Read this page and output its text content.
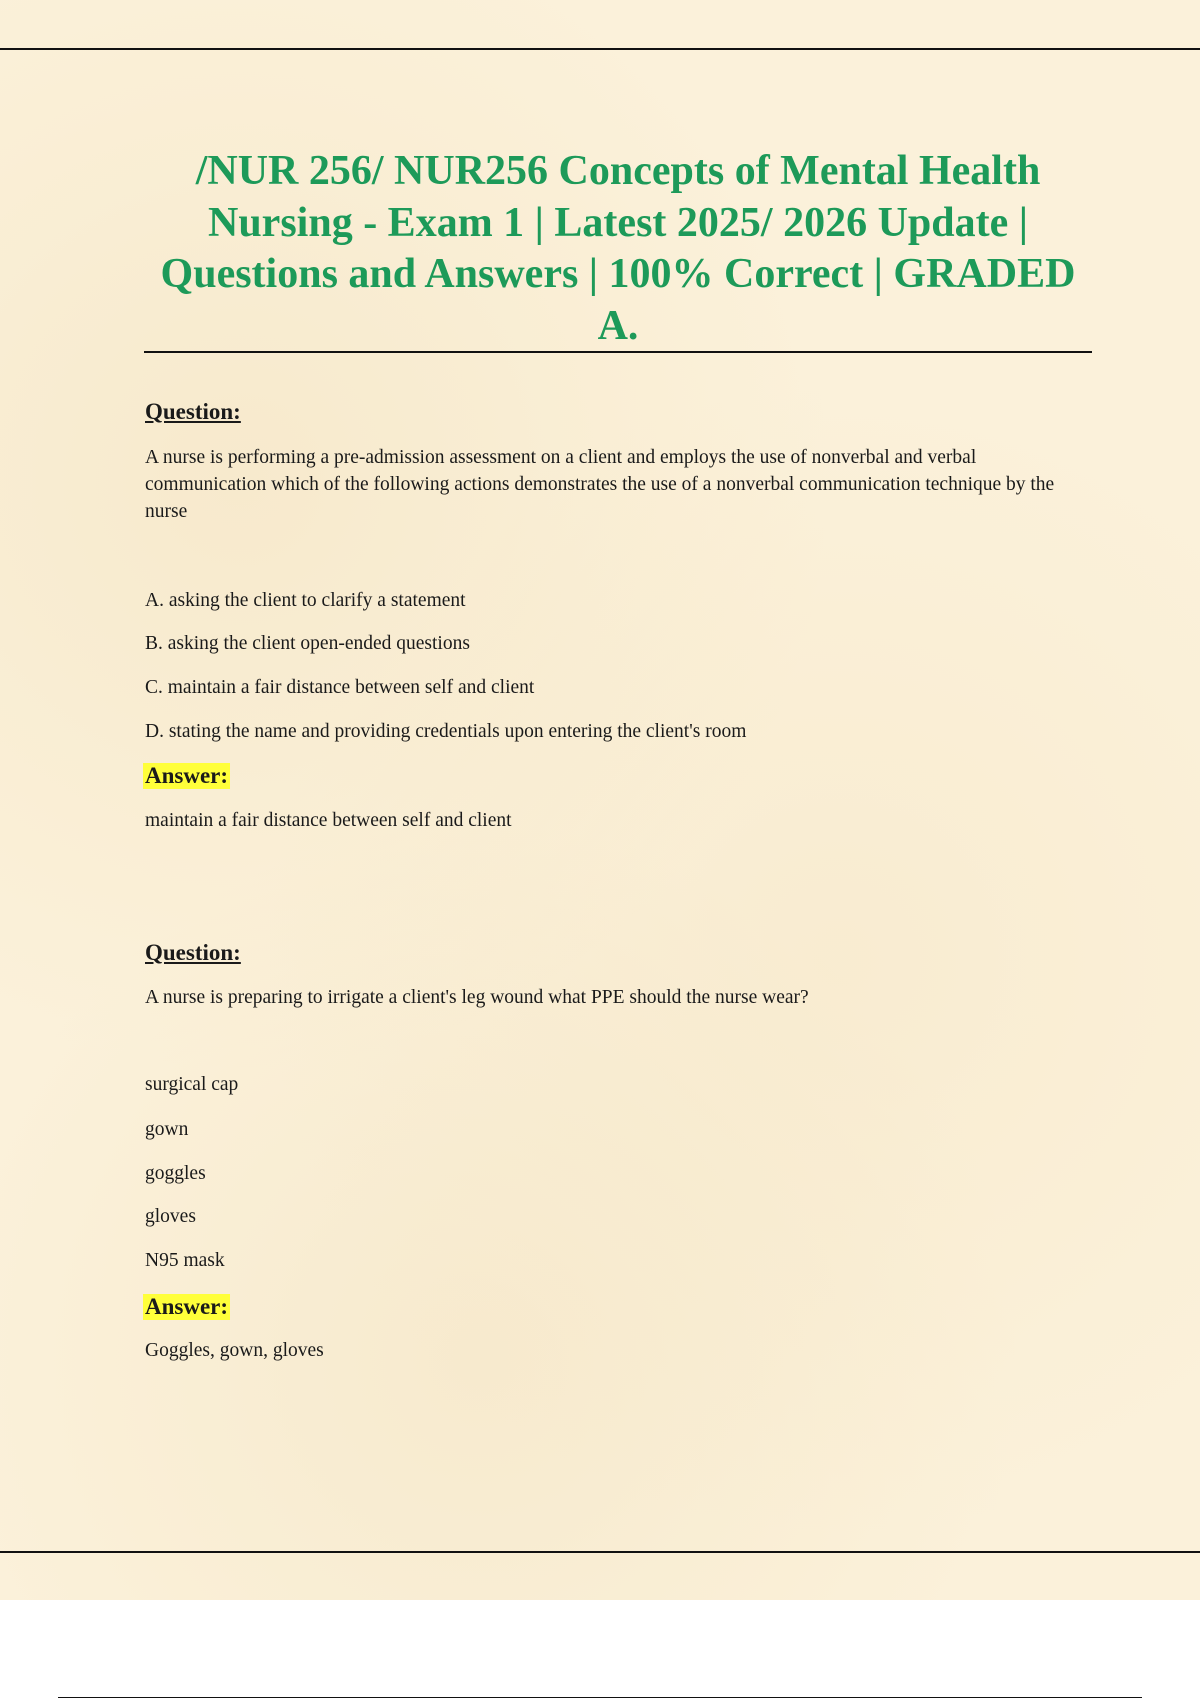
/NUR 256/ NUR256 Concepts of Mental Health Nursing - Exam 1 | Latest 2025/ 2026 Update | Questions and Answers | 100% Correct | GRADED A.

Question:

A nurse is performing a pre-admission assessment on a client and employs the use of nonverbal and verbal communication which of the following actions demonstrates the use of a nonverbal communication technique by the nurse

A. asking the client to clarify a statement

B. asking the client open-ended questions

C. maintain a fair distance between self and client

D. stating the name and providing credentials upon entering the client's room

Answer:

maintain a fair distance between self and client

Question:

A nurse is preparing to irrigate a client's leg wound what PPE should the nurse wear?

surgical cap

gown

goggles

gloves

N95 mask

Answer:

Goggles, gown, gloves
